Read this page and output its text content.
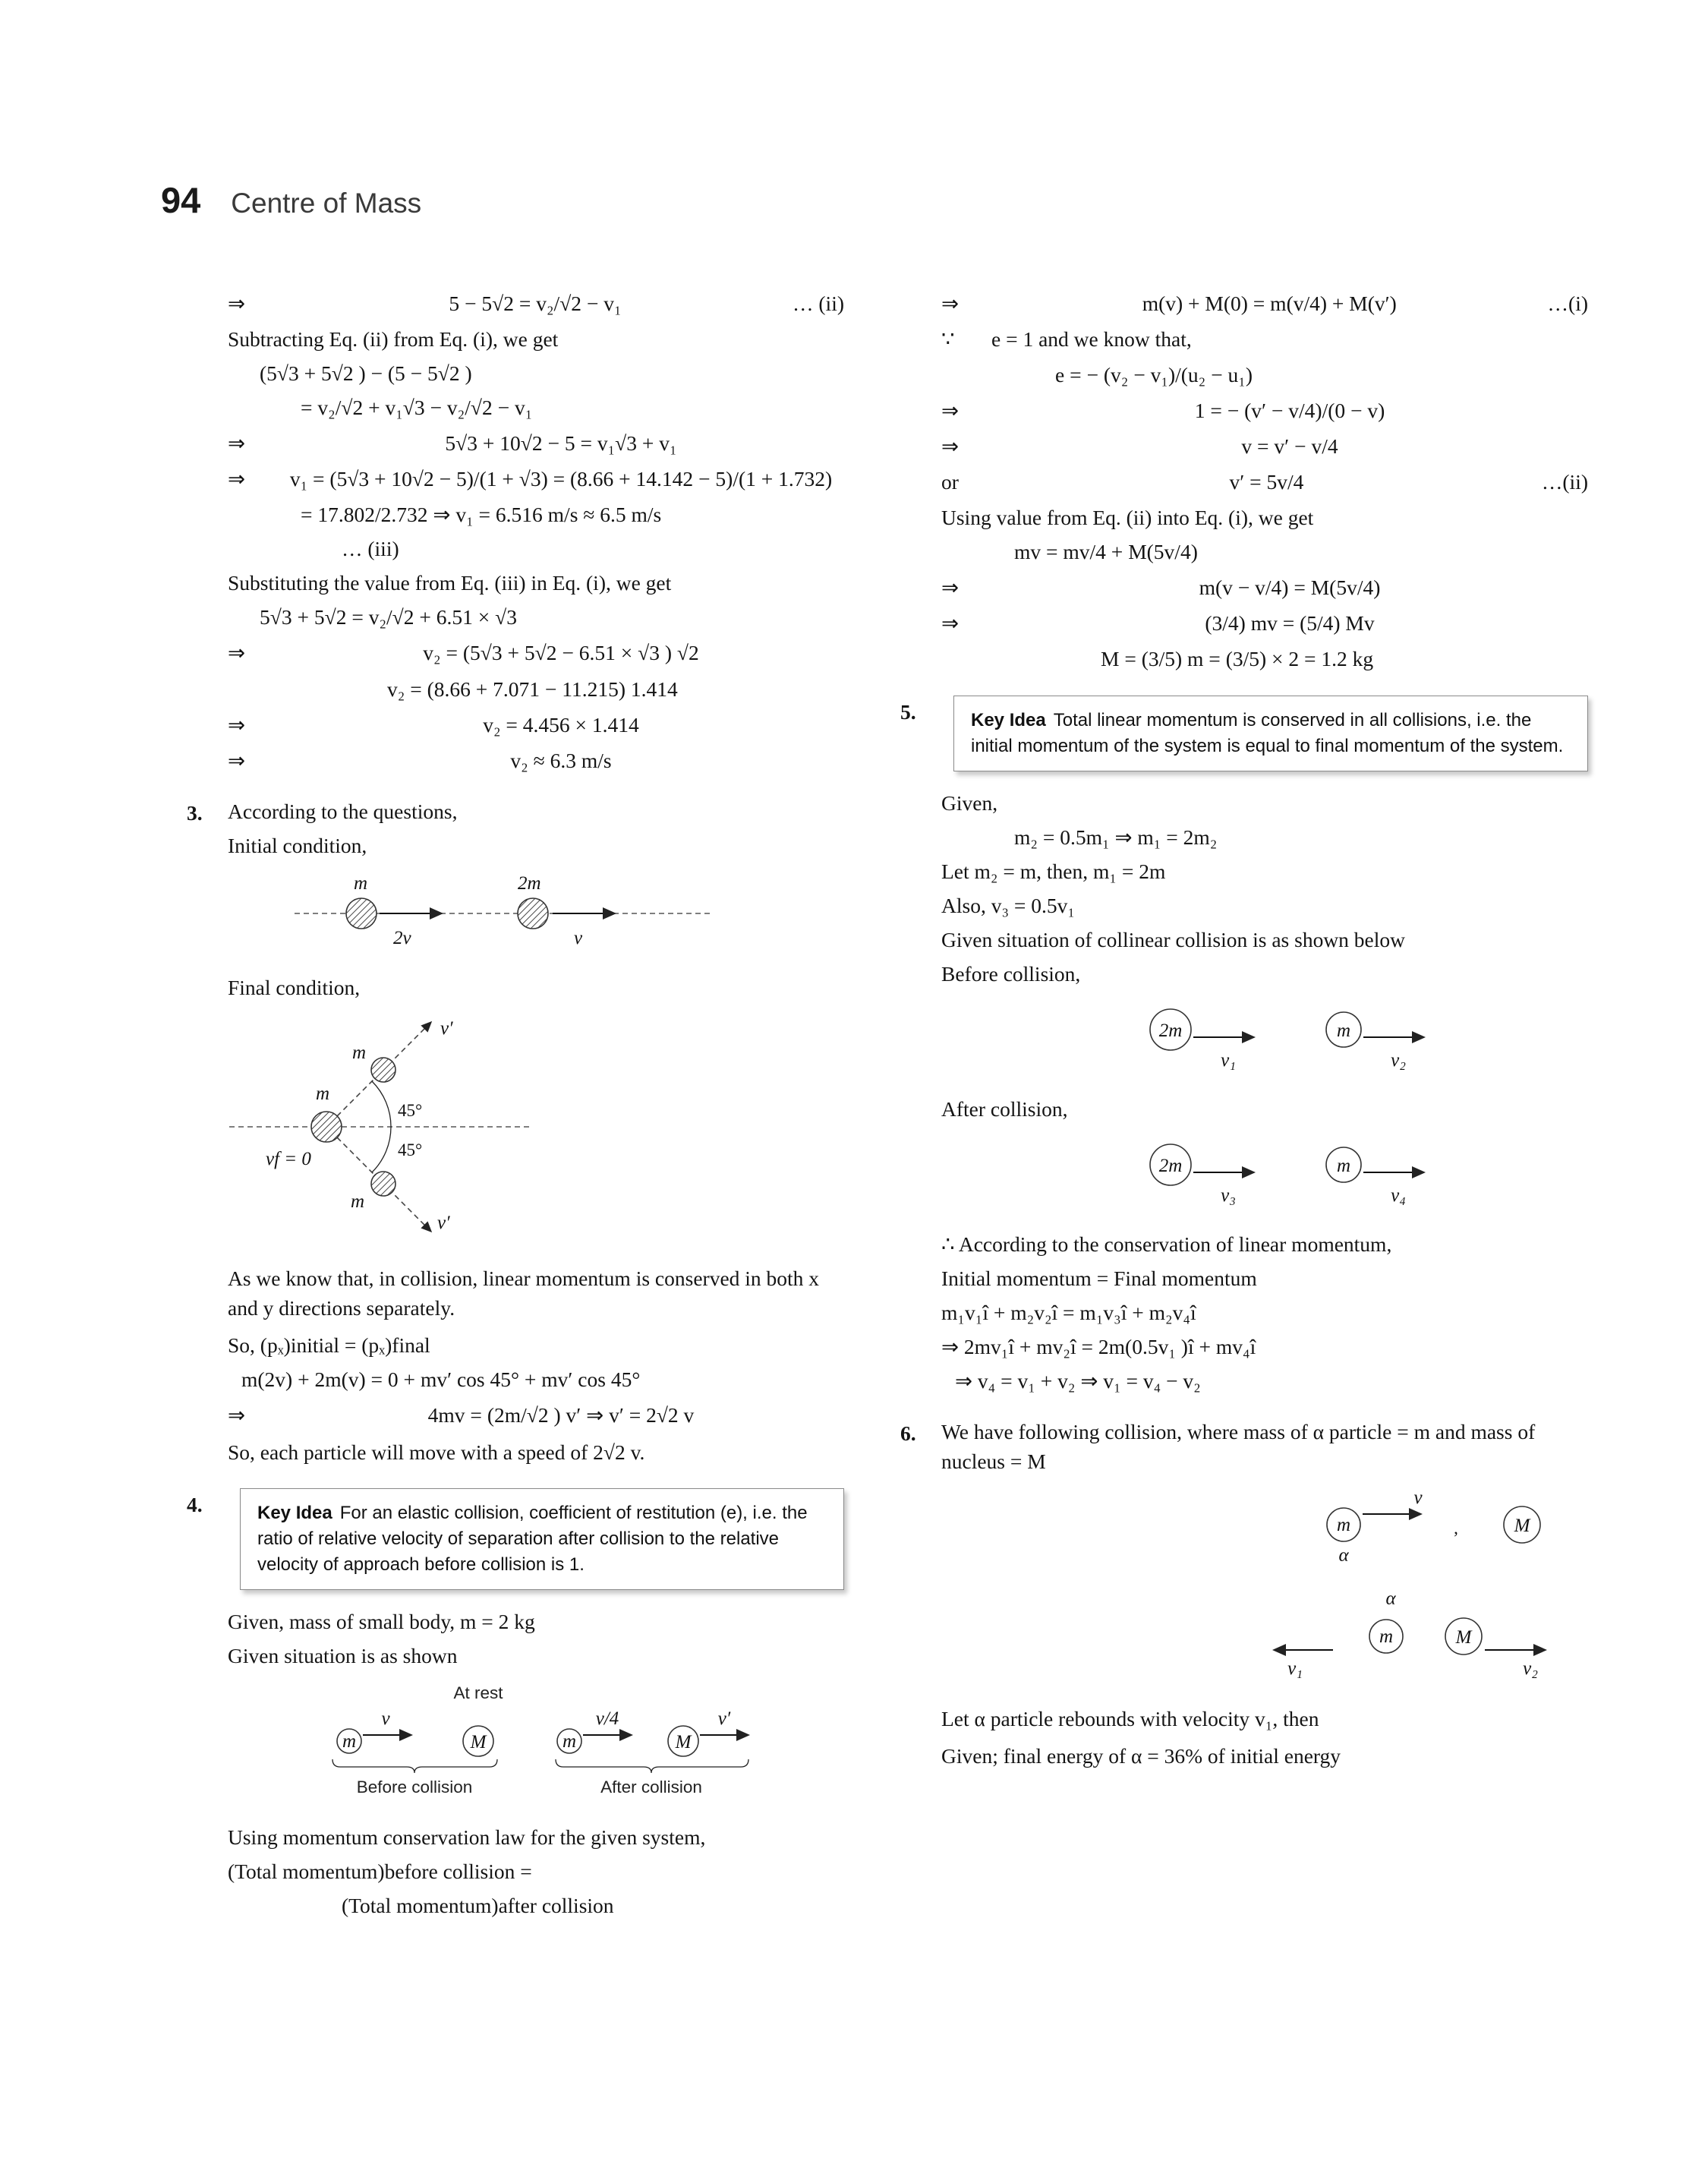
94 Centre of Mass
⇒	5 − 5√2 = v₂/√2 − v₁	… (ii)
Subtracting Eq. (ii) from Eq. (i), we get
(5√3 + 5√2 ) − (5 − 5√2 )
= v₂/√2 + v₁√3 − v₂/√2 − v₁
⇒	5√3 + 10√2 − 5 = v₁√3 + v₁
⇒	v₁ = (5√3 + 10√2 − 5)/(1 + √3) = (8.66 + 14.142 − 5)/(1 + 1.732)
= 17.802/2.732 ⇒ v₁ = 6.516 m/s ≈ 6.5 m/s
… (iii)
Substituting the value from Eq. (iii) in Eq. (i), we get
5√3 + 5√2 = v₂/√2 + 6.51 × √3
⇒	v₂ = (5√3 + 5√2 − 6.51 × √3 ) √2
v₂ = (8.66 + 7.071 − 11.215) 1.414
⇒	v₂ = 4.456 × 1.414
⇒	v₂ ≈ 6.3 m/s
3. According to the questions,
Initial condition,
m
2v
2m
v
Final condition,
m
vf = 0
m
m
v′
v′
45°
45°

As we know that, in collision, linear momentum is conserved in both x and y directions separately.

So, (pₓ)initial = (pₓ)final
m(2v) + 2m(v) = 0 + mv′ cos 45° + mv′ cos 45°
⇒	4mv = (2m/√2 ) v′ ⇒ v′ = 2√2 v

So, each particle will move with a speed of 2√2 v.

4.	Key Idea For an elastic collision, coefficient of restitution (e), i.e. the ratio of relative velocity of separation after collision to the relative velocity of approach before collision is 1.
Given, mass of small body, m = 2 kg
Given situation is as shown
At rest
m
v
M	m
v/4
M
v′
Before collision	After collision
Using momentum conservation law for the given system,
(Total momentum)before collision =
(Total momentum)after collision
⇒	m(v) + M(0) = m(v/4) + M(v′)	…(i)
∵	e = 1 and we know that,
e = − (v₂ − v₁)/(u₂ − u₁)
⇒	1 = − (v′ − v/4)/(0 − v)
⇒	v = v′ − v/4
or	v′ = 5v/4	…(ii)
Using value from Eq. (ii) into Eq. (i), we get
mv = mv/4 + M(5v/4)
⇒	m(v − v/4) = M(5v/4)
⇒	(3/4) mv = (5/4) Mv
M = (3/5) m = (3/5) × 2 = 1.2 kg
5.	Key Idea Total linear momentum is conserved in all collisions, i.e. the initial momentum of the system is equal to final momentum of the system.
Given,
m₂ = 0.5m₁ ⇒ m₁ = 2m₂
Let m₂ = m, then, m₁ = 2m
Also, v₃ = 0.5v₁
Given situation of collinear collision is as shown below
Before collision,
2m
v₁
m
v₂
After collision,
2m
v₃
m
v₄
∴ According to the conservation of linear momentum,
Initial momentum = Final momentum
m₁v₁î + m₂v₂î = m₁v₃î + m₂v₄î
⇒ 2mv₁î + mv₂î = 2m(0.5v₁ )î + mv₄î
⇒ v₄ = v₁ + v₂ ⇒ v₁ = v₄ − v₂
6. We have following collision, where mass of α particle = m and mass of nucleus = M

m
v
α
,	M
α
m	M
v₁	v₂

Let α particle rebounds with velocity v₁, then

Given; final energy of α = 36% of initial energy
